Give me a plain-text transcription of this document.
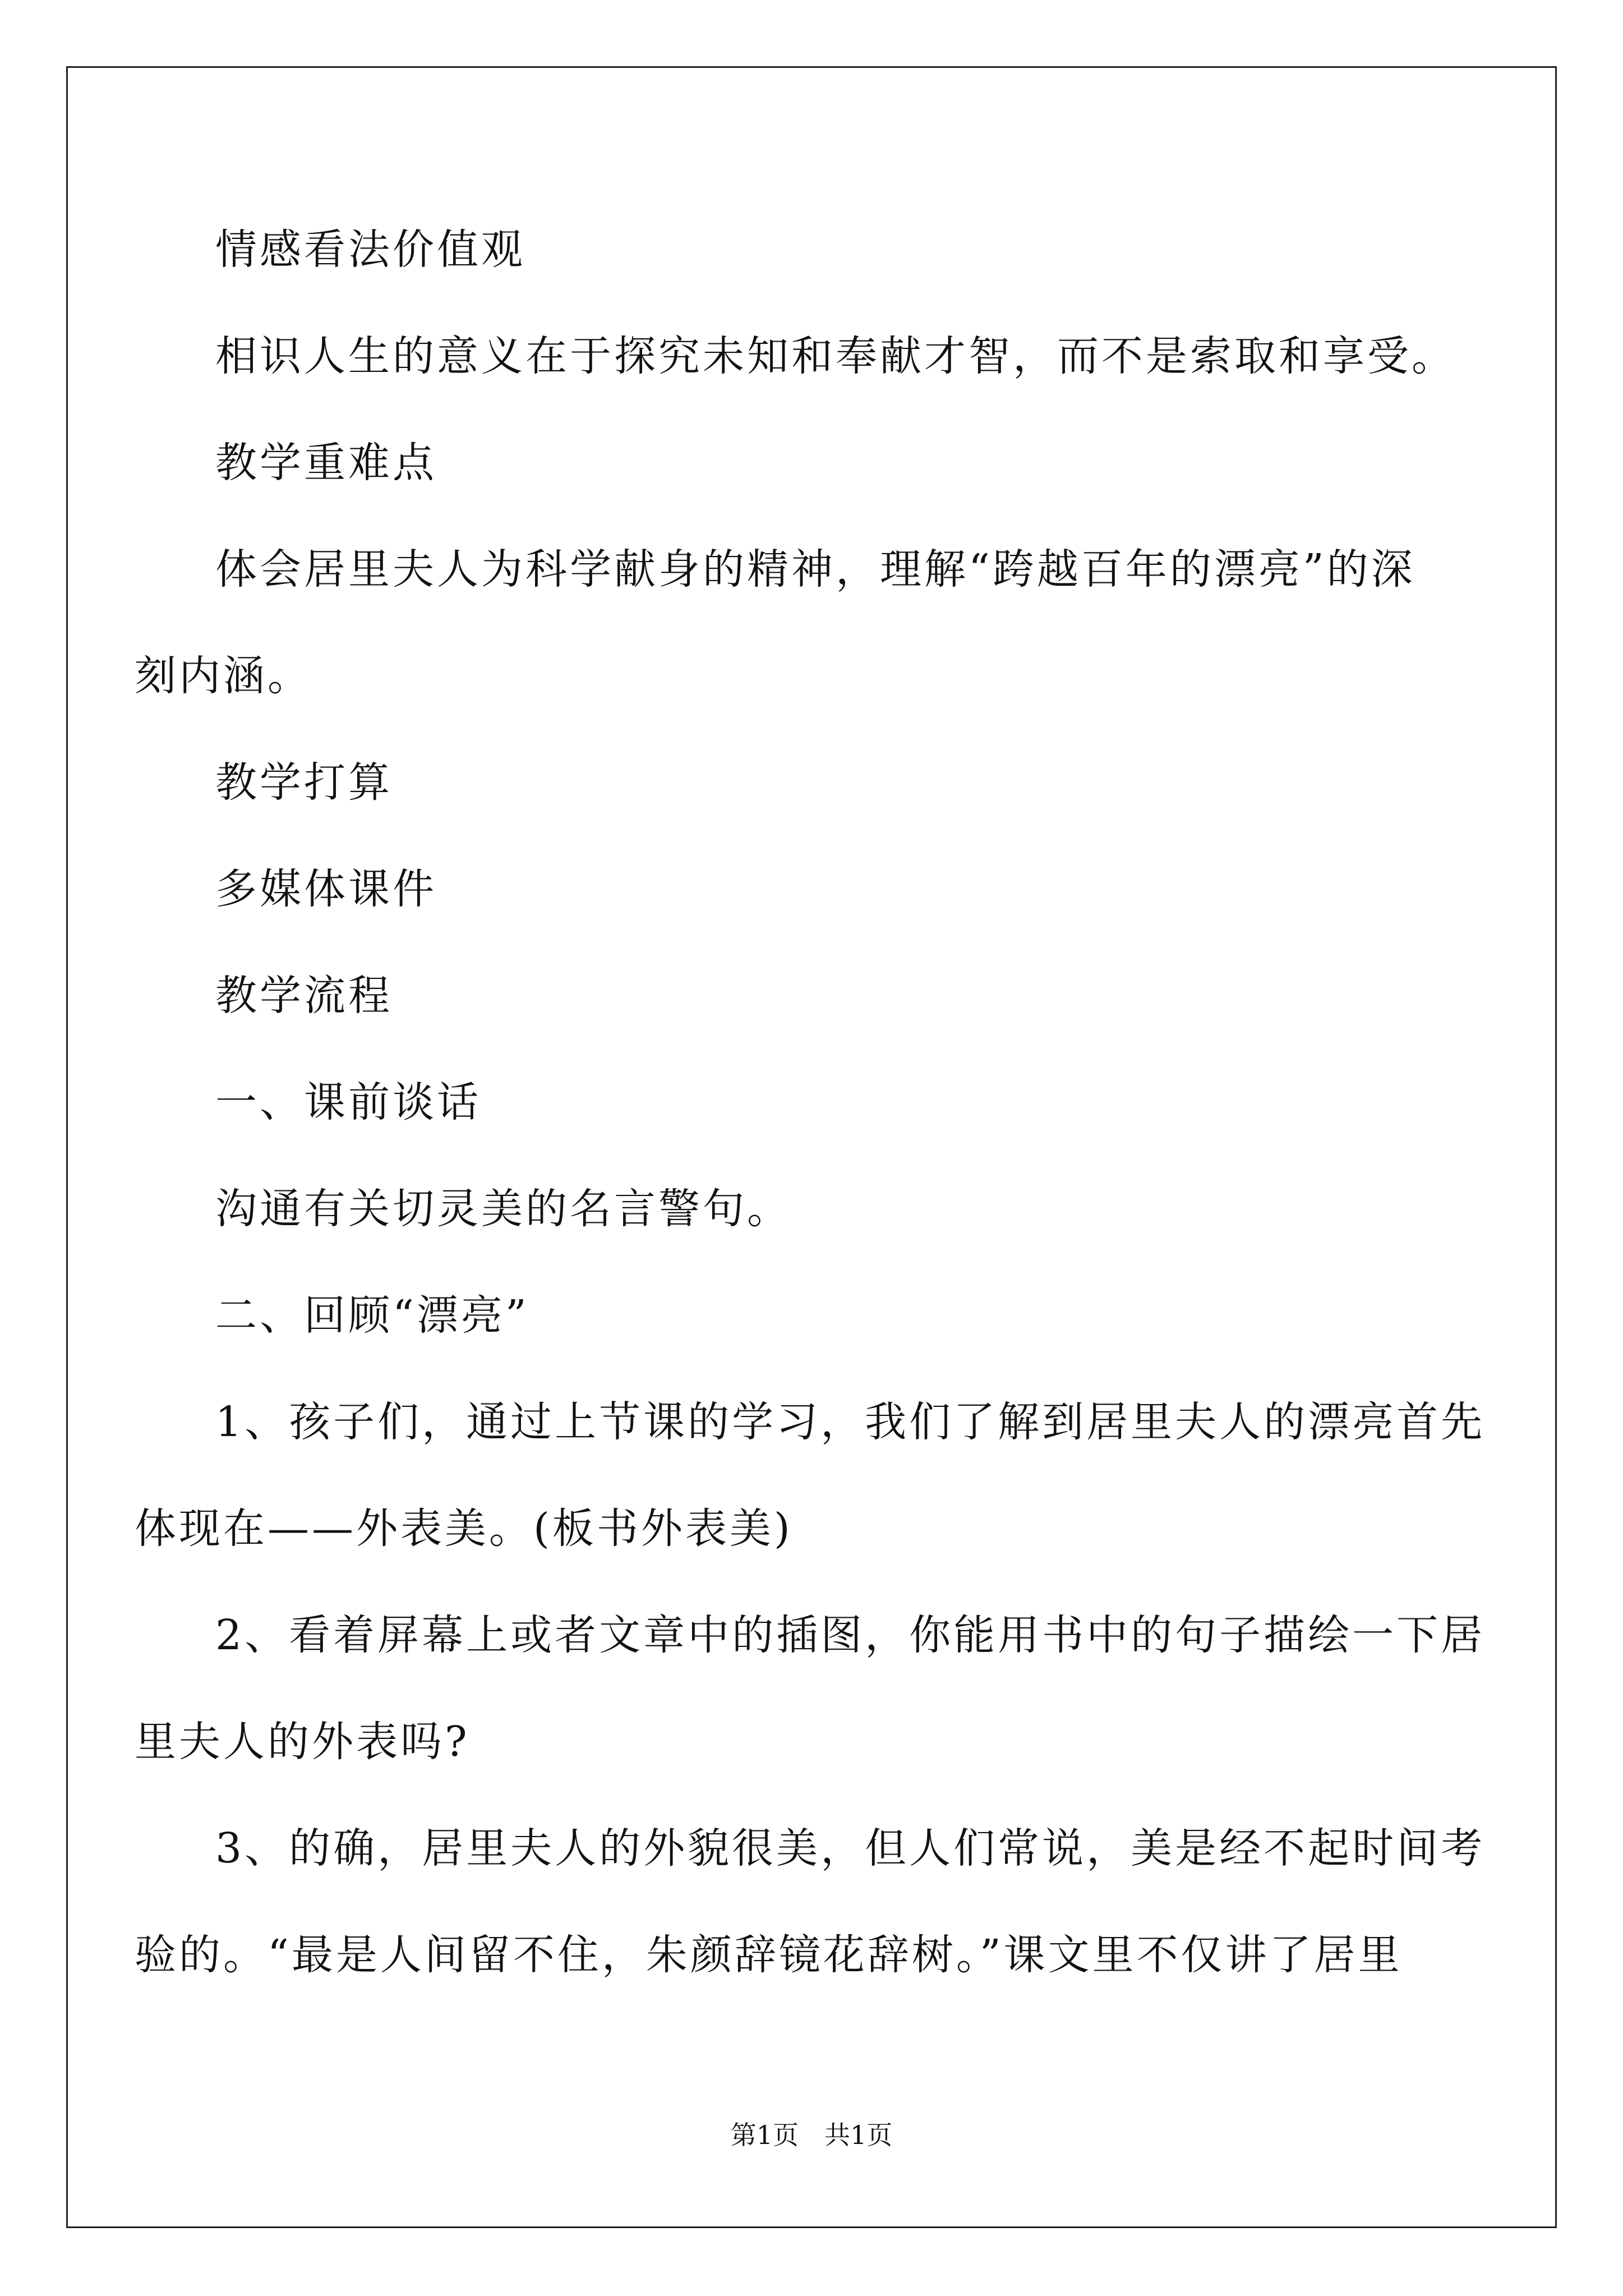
情感看法价值观
相识人生的意义在于探究未知和奉献才智，而不是索取和享受。
教学重难点
体会居里夫人为科学献身的精神，理解“跨越百年的漂亮”的深
刻内涵。
教学打算
多媒体课件
教学流程
一、课前谈话
沟通有关切灵美的名言警句。
二、回顾“漂亮”
1、孩子们，通过上节课的学习，我们了解到居里夫人的漂亮首先
体现在——外表美。(板书外表美)
2、看着屏幕上或者文章中的插图，你能用书中的句子描绘一下居
里夫人的外表吗?
3、的确，居里夫人的外貌很美，但人们常说，美是经不起时间考
验的。“最是人间留不住，朱颜辞镜花辞树。”课文里不仅讲了居里
第1页　共1页
